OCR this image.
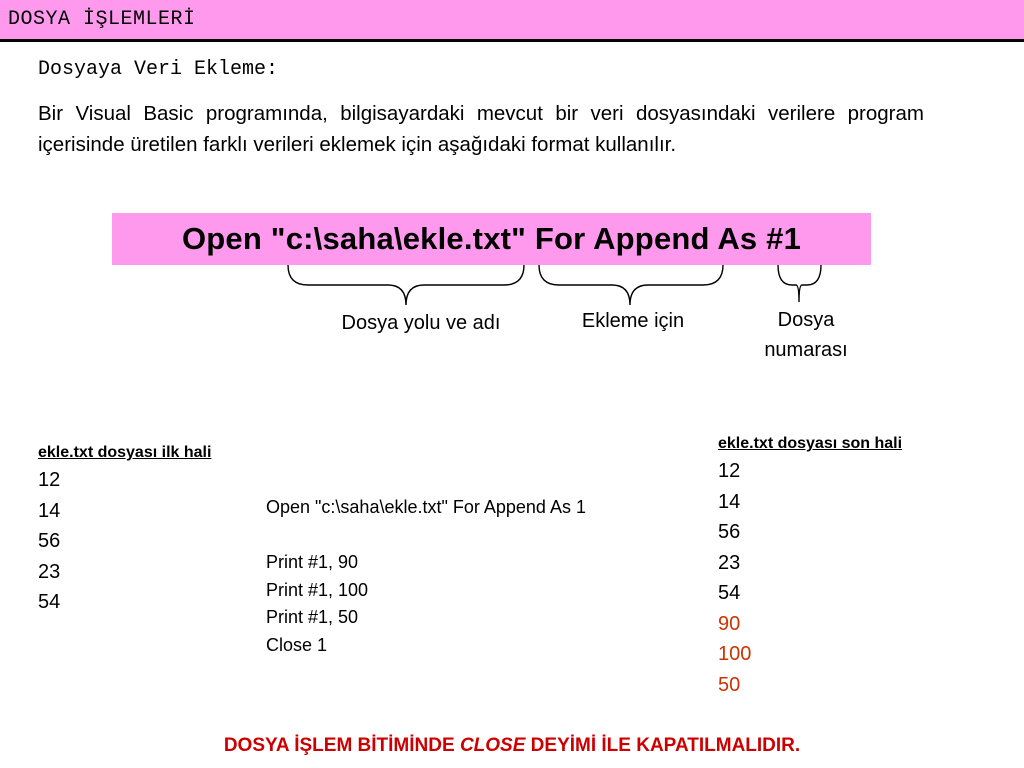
DOSYA İŞLEMLERİ
Dosyaya Veri Ekleme:
Bir Visual Basic programında, bilgisayardaki mevcut bir veri dosyasındaki verilere program içerisinde üretilen farklı verileri eklemek için aşağıdaki format kullanılır.
Open "c:\saha\ekle.txt" For Append As #1
Dosya yolu ve adı	Ekleme için	Dosya numarası
ekle.txt dosyası ilk hali
12
14
56
23
54
Open "c:\saha\ekle.txt" For Append As 1
Print #1, 90
Print #1, 100
Print #1, 50
Close 1
ekle.txt dosyası son hali
12
14
56
23
54
90
100
50
DOSYA İŞLEM BİTİMİNDE CLOSE DEYİMİ İLE KAPATILMALIDIR.
